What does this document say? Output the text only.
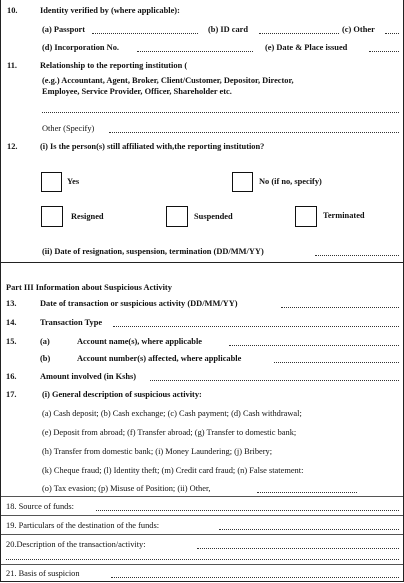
10.	Identity verified by (where applicable):
(a) Passport	(b) ID card	(c) Other
(d) Incorporation No.	(e) Date & Place issued
11.	Relationship to the reporting institution (
(e.g.) Accountant, Agent, Broker, Client/Customer, Depositor, Director,
Employee, Service Provider, Officer, Shareholder etc.
Other (Specify)
12.	(i) Is the person(s) still affiliated with,the reporting institution?
Yes	No (if no, specify)
Resigned	Suspended	Terminated
(ii) Date of resignation, suspension, termination (DD/MM/YY)
Part III Information about Suspicious Activity
13.	Date of transaction or suspicious activity (DD/MM/YY)
14.	Transaction Type
15.	(a)	Account name(s), where applicable
(b)	Account number(s) affected, where applicable
16.	Amount involved (in Kshs)
17.	(i) General description of suspicious activity:
(a) Cash deposit; (b) Cash exchange; (c) Cash payment; (d) Cash withdrawal;
(e) Deposit from abroad; (f) Transfer abroad; (g) Transfer to domestic bank;
(h) Transfer from domestic bank; (i) Money Laundering; (j) Bribery;
(k) Cheque fraud; (l) Identity theft; (m) Credit card fraud; (n) False statement:
(o) Tax evasion; (p) Misuse of Position; (ii) Other,
18. Source of funds:
19. Particulars of the destination of the funds:
20.Description of the transaction/activity:
21. Basis of suspicion
